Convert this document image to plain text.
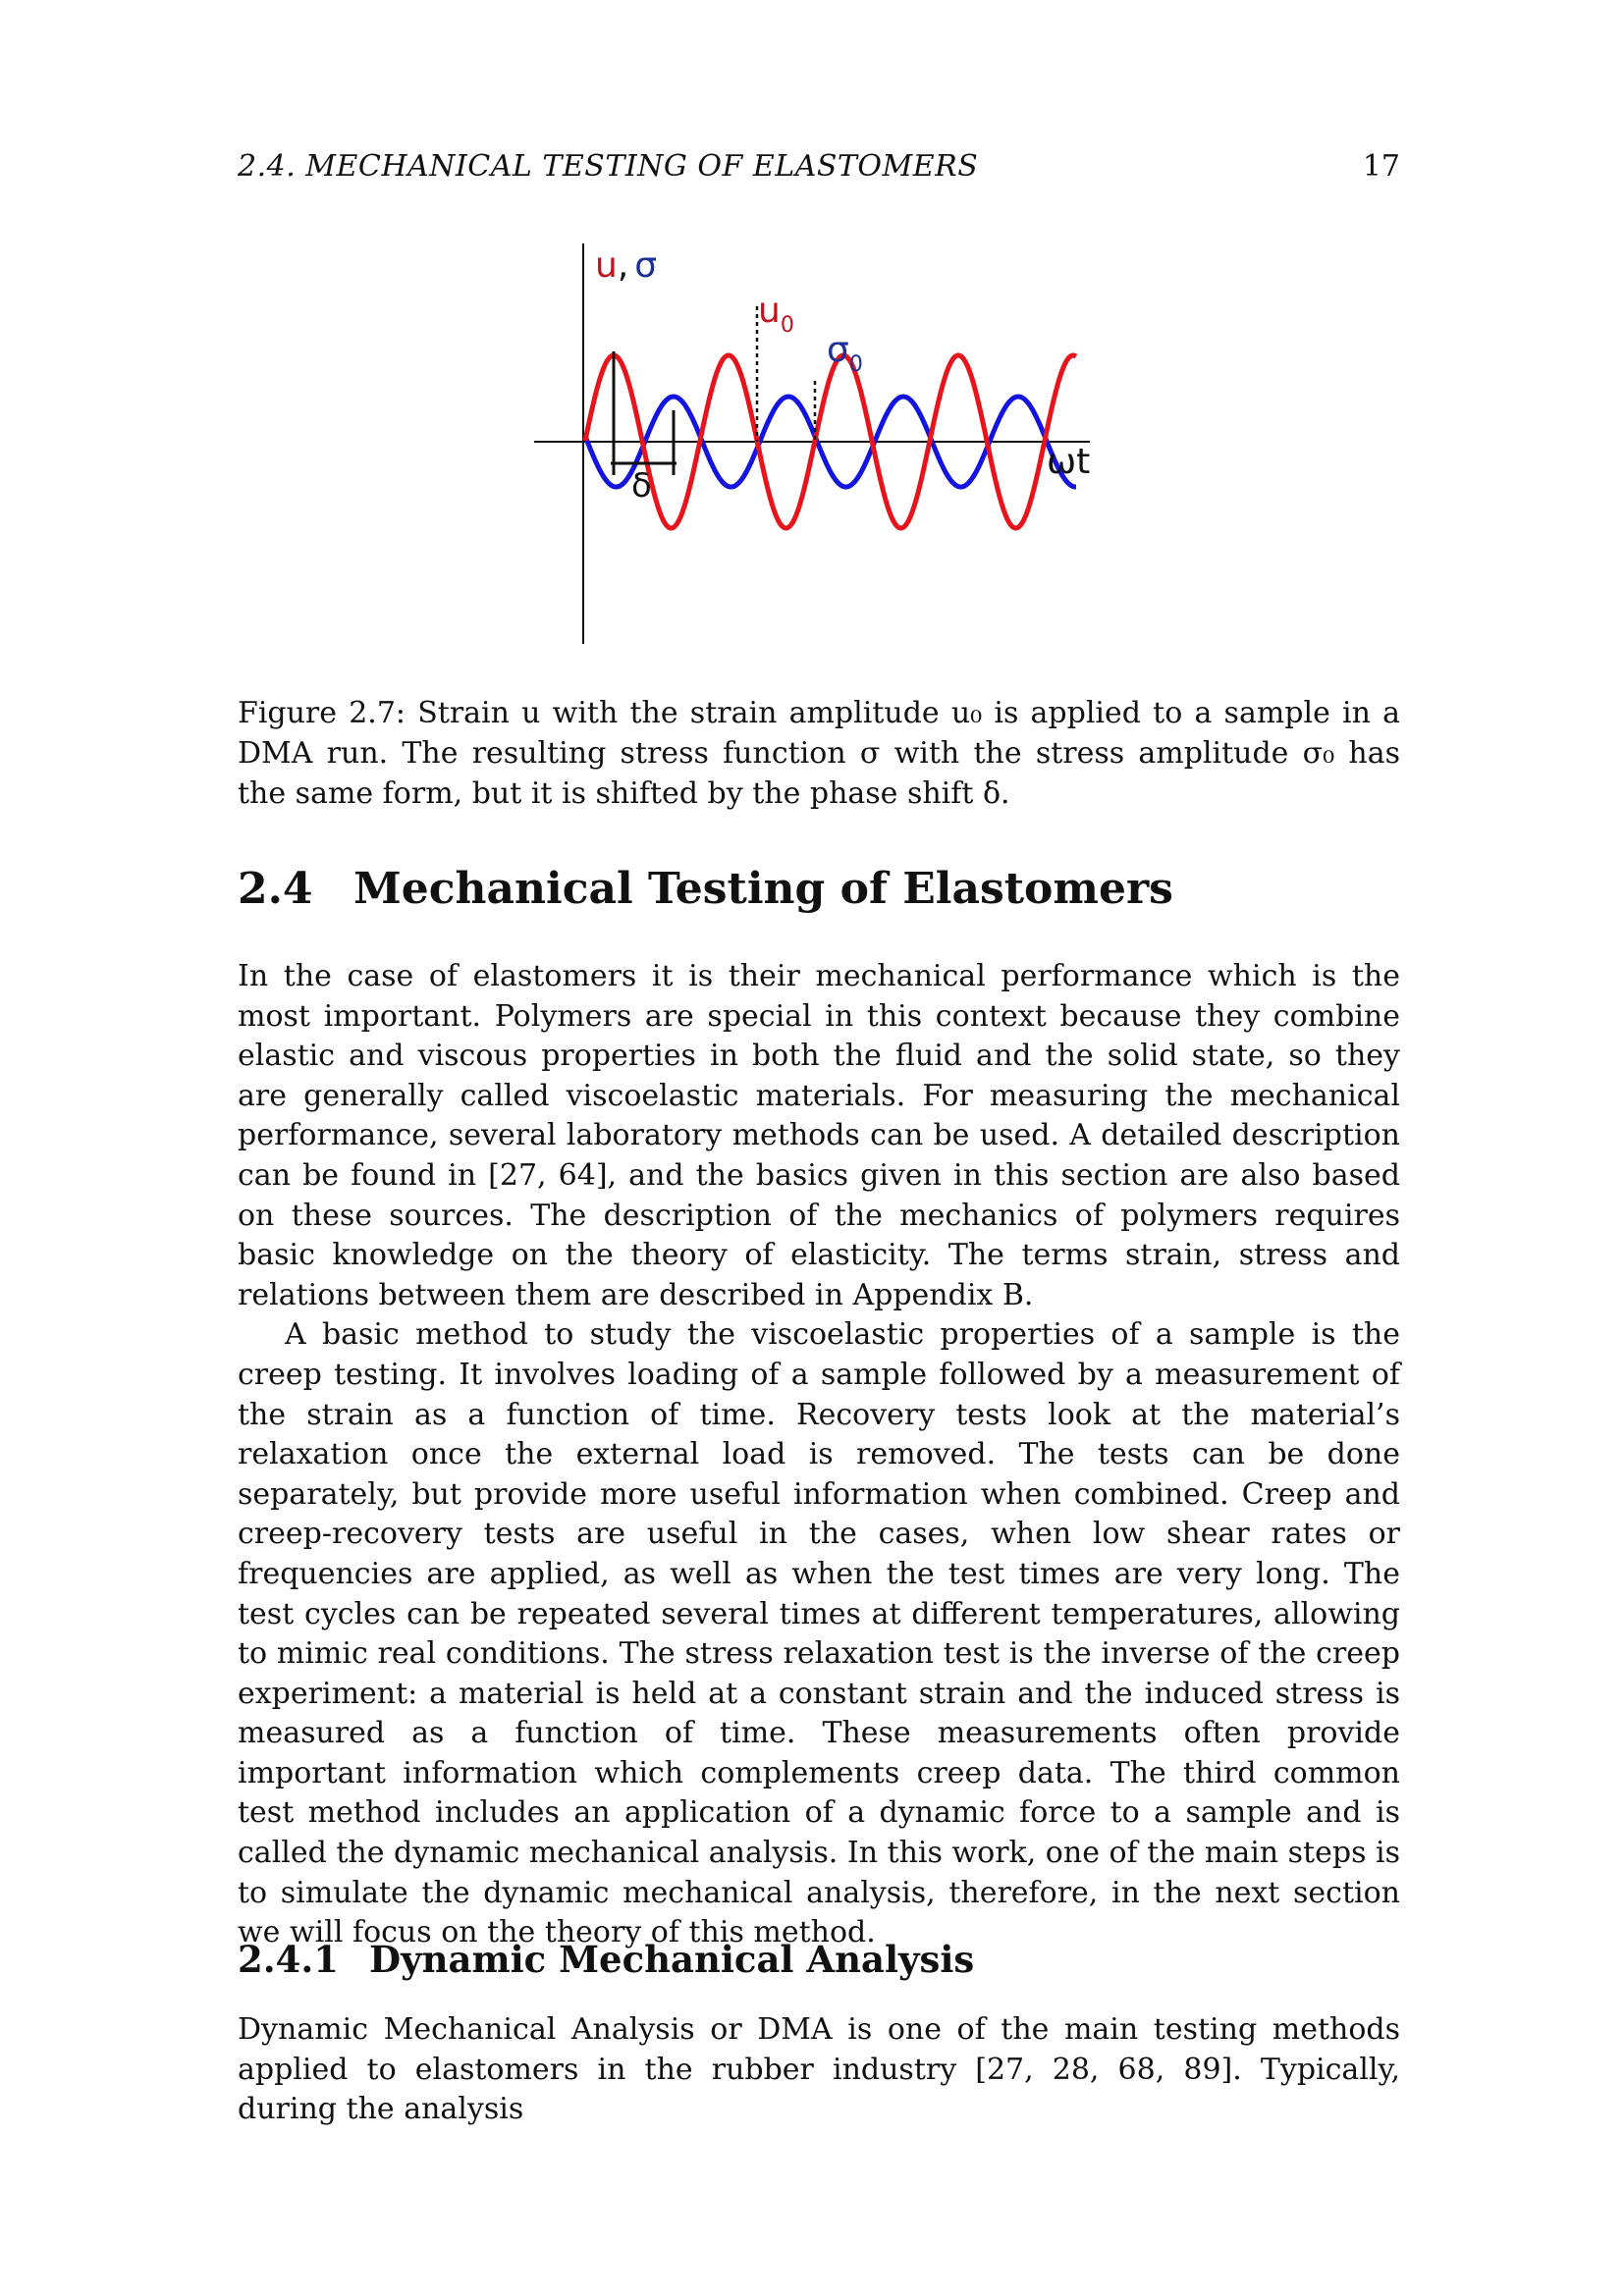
2.4. MECHANICAL TESTING OF ELASTOMERS	17
u, σ
$u_0$
$\sigma_0$
ωt
δ

Figure 2.7: Strain u with the strain amplitude u₀ is applied to a sample in a DMA run. The resulting stress function σ with the stress amplitude σ₀ has the same form, but it is shifted by the phase shift δ.

2.4 Mechanical Testing of Elastomers

In the case of elastomers it is their mechanical performance which is the most important. Polymers are special in this context because they combine elastic and viscous properties in both the fluid and the solid state, so they are generally called viscoelastic materials. For measuring the mechanical performance, several laboratory methods can be used. A detailed description can be found in [27, 64], and the basics given in this section are also based on these sources. The description of the mechanics of polymers requires basic knowledge on the theory of elasticity. The terms strain, stress and relations between them are described in Appendix B.

A basic method to study the viscoelastic properties of a sample is the creep testing. It involves loading of a sample followed by a measurement of the strain as a function of time. Recovery tests look at the material’s relaxation once the external load is removed. The tests can be done separately, but provide more useful information when combined. Creep and creep-recovery tests are useful in the cases, when low shear rates or frequencies are applied, as well as when the test times are very long. The test cycles can be repeated several times at different temperatures, allowing to mimic real conditions. The stress relaxation test is the inverse of the creep experiment: a material is held at a constant strain and the induced stress is measured as a function of time. These measurements often provide important information which complements creep data. The third common test method includes an application of a dynamic force to a sample and is called the dynamic mechanical analysis. In this work, one of the main steps is to simulate the dynamic mechanical analysis, therefore, in the next section we will focus on the theory of this method.

2.4.1 Dynamic Mechanical Analysis

Dynamic Mechanical Analysis or DMA is one of the main testing methods applied to elastomers in the rubber industry [27, 28, 68, 89]. Typically, during the analysis
